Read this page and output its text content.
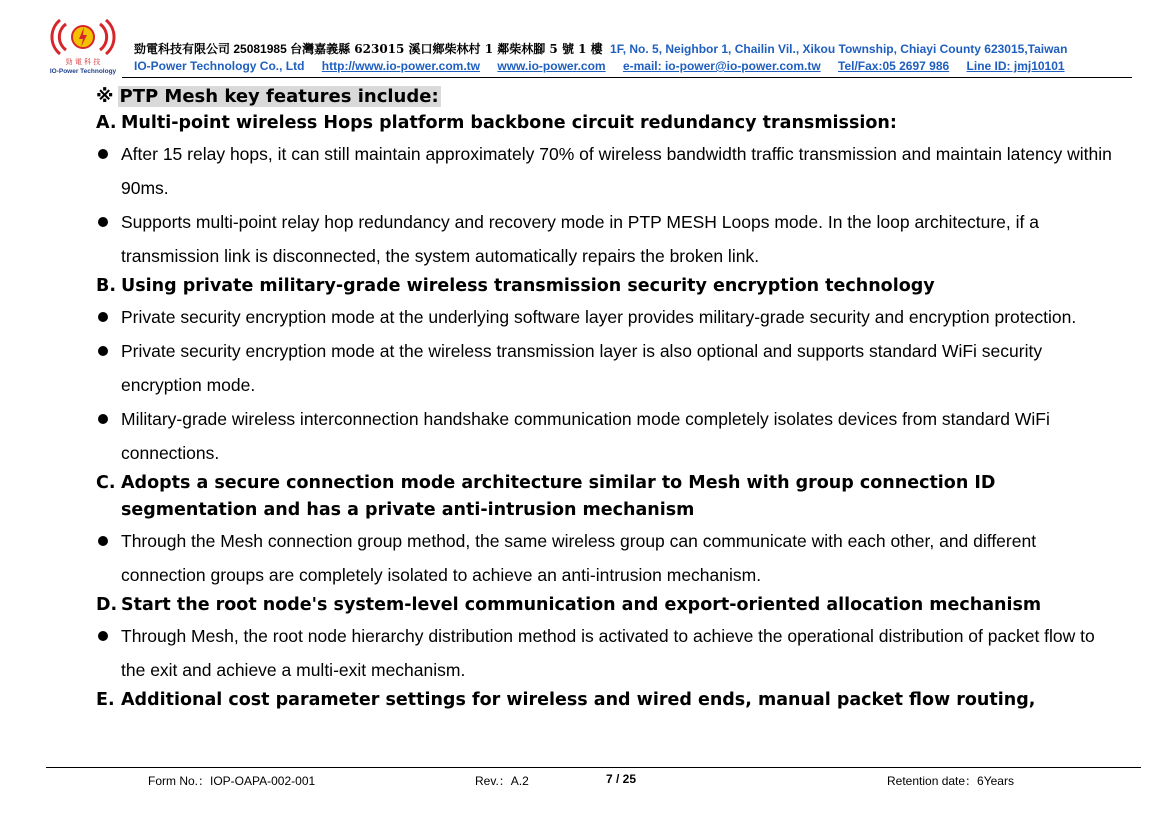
勁 電 科 技
IO-Power Technology
勁電科技有限公司 25081985 台灣嘉義縣 623015 溪口鄉柴林村 1 鄰柴林腳 5 號 1 樓 1F, No. 5, Neighbor 1, Chailin Vil., Xikou Township, Chiayi County 623015,Taiwan
IO-Power Technology Co., Ltd http://www.io-power.com.tw www.io-power.com e-mail: io-power@io-power.com.tw Tel/Fax:05 2697 986 Line ID: jmj10101
※ PTP Mesh key features include:
A. Multi-point wireless Hops platform backbone circuit redundancy transmission:
After 15 relay hops, it can still maintain approximately 70% of wireless bandwidth traffic transmission and maintain latency within 90ms.
Supports multi-point relay hop redundancy and recovery mode in PTP MESH Loops mode. In the loop architecture, if a transmission link is disconnected, the system automatically repairs the broken link.
B. Using private military-grade wireless transmission security encryption technology
Private security encryption mode at the underlying software layer provides military-grade security and encryption protection.
Private security encryption mode at the wireless transmission layer is also optional and supports standard WiFi security encryption mode.
Military-grade wireless interconnection handshake communication mode completely isolates devices from standard WiFi connections.
C. Adopts a secure connection mode architecture similar to Mesh with group connection ID segmentation and has a private anti-intrusion mechanism
Through the Mesh connection group method, the same wireless group can communicate with each other, and different connection groups are completely isolated to achieve an anti-intrusion mechanism.
D. Start the root node's system-level communication and export-oriented allocation mechanism
Through Mesh, the root node hierarchy distribution method is activated to achieve the operational distribution of packet flow to the exit and achieve a multi-exit mechanism.
E. Additional cost parameter settings for wireless and wired ends, manual packet flow routing,
Form No.：IOP-OAPA-002-001	Rev.：A.2	7 / 25	Retention date：6Years
